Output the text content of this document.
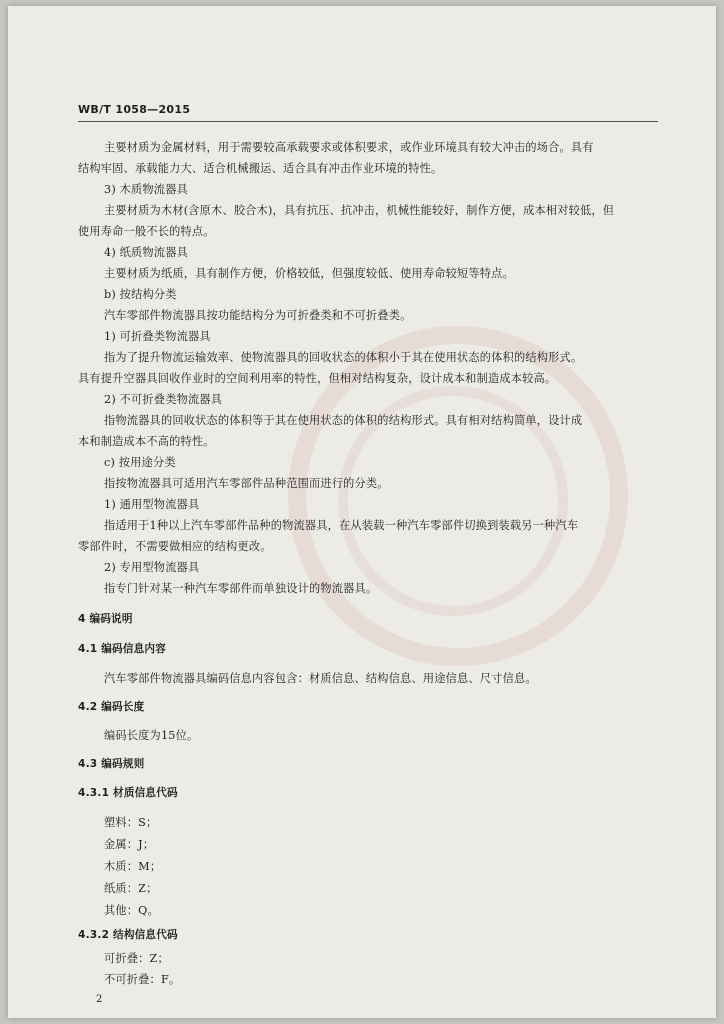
WB/T 1058—2015
主要材质为金属材料，用于需要较高承载要求或体积要求，或作业环境具有较大冲击的场合。具有
结构牢固、承载能力大、适合机械搬运、适合具有冲击作业环境的特性。
3) 木质物流器具
主要材质为木材(含原木、胶合木)，具有抗压、抗冲击，机械性能较好，制作方便，成本相对较低，但
使用寿命一般不长的特点。
4) 纸质物流器具
主要材质为纸质，具有制作方便，价格较低，但强度较低、使用寿命较短等特点。
b) 按结构分类
汽车零部件物流器具按功能结构分为可折叠类和不可折叠类。
1) 可折叠类物流器具
指为了提升物流运输效率、使物流器具的回收状态的体积小于其在使用状态的体积的结构形式。
具有提升空器具回收作业时的空间利用率的特性，但相对结构复杂，设计成本和制造成本较高。
2) 不可折叠类物流器具
指物流器具的回收状态的体积等于其在使用状态的体积的结构形式。具有相对结构简单，设计成
本和制造成本不高的特性。
c) 按用途分类
指按物流器具可适用汽车零部件品种范围而进行的分类。
1) 通用型物流器具
指适用于1种以上汽车零部件品种的物流器具，在从装载一种汽车零部件切换到装载另一种汽车
零部件时，不需要做相应的结构更改。
2) 专用型物流器具
指专门针对某一种汽车零部件而单独设计的物流器具。
4 编码说明
4.1 编码信息内容
汽车零部件物流器具编码信息内容包含：材质信息、结构信息、用途信息、尺寸信息。
4.2 编码长度
编码长度为15位。
4.3 编码规则
4.3.1 材质信息代码
塑料：S；
金属：J；
木质：M；
纸质：Z；
其他：Q。
4.3.2 结构信息代码
可折叠：Z；
不可折叠：F。
2
